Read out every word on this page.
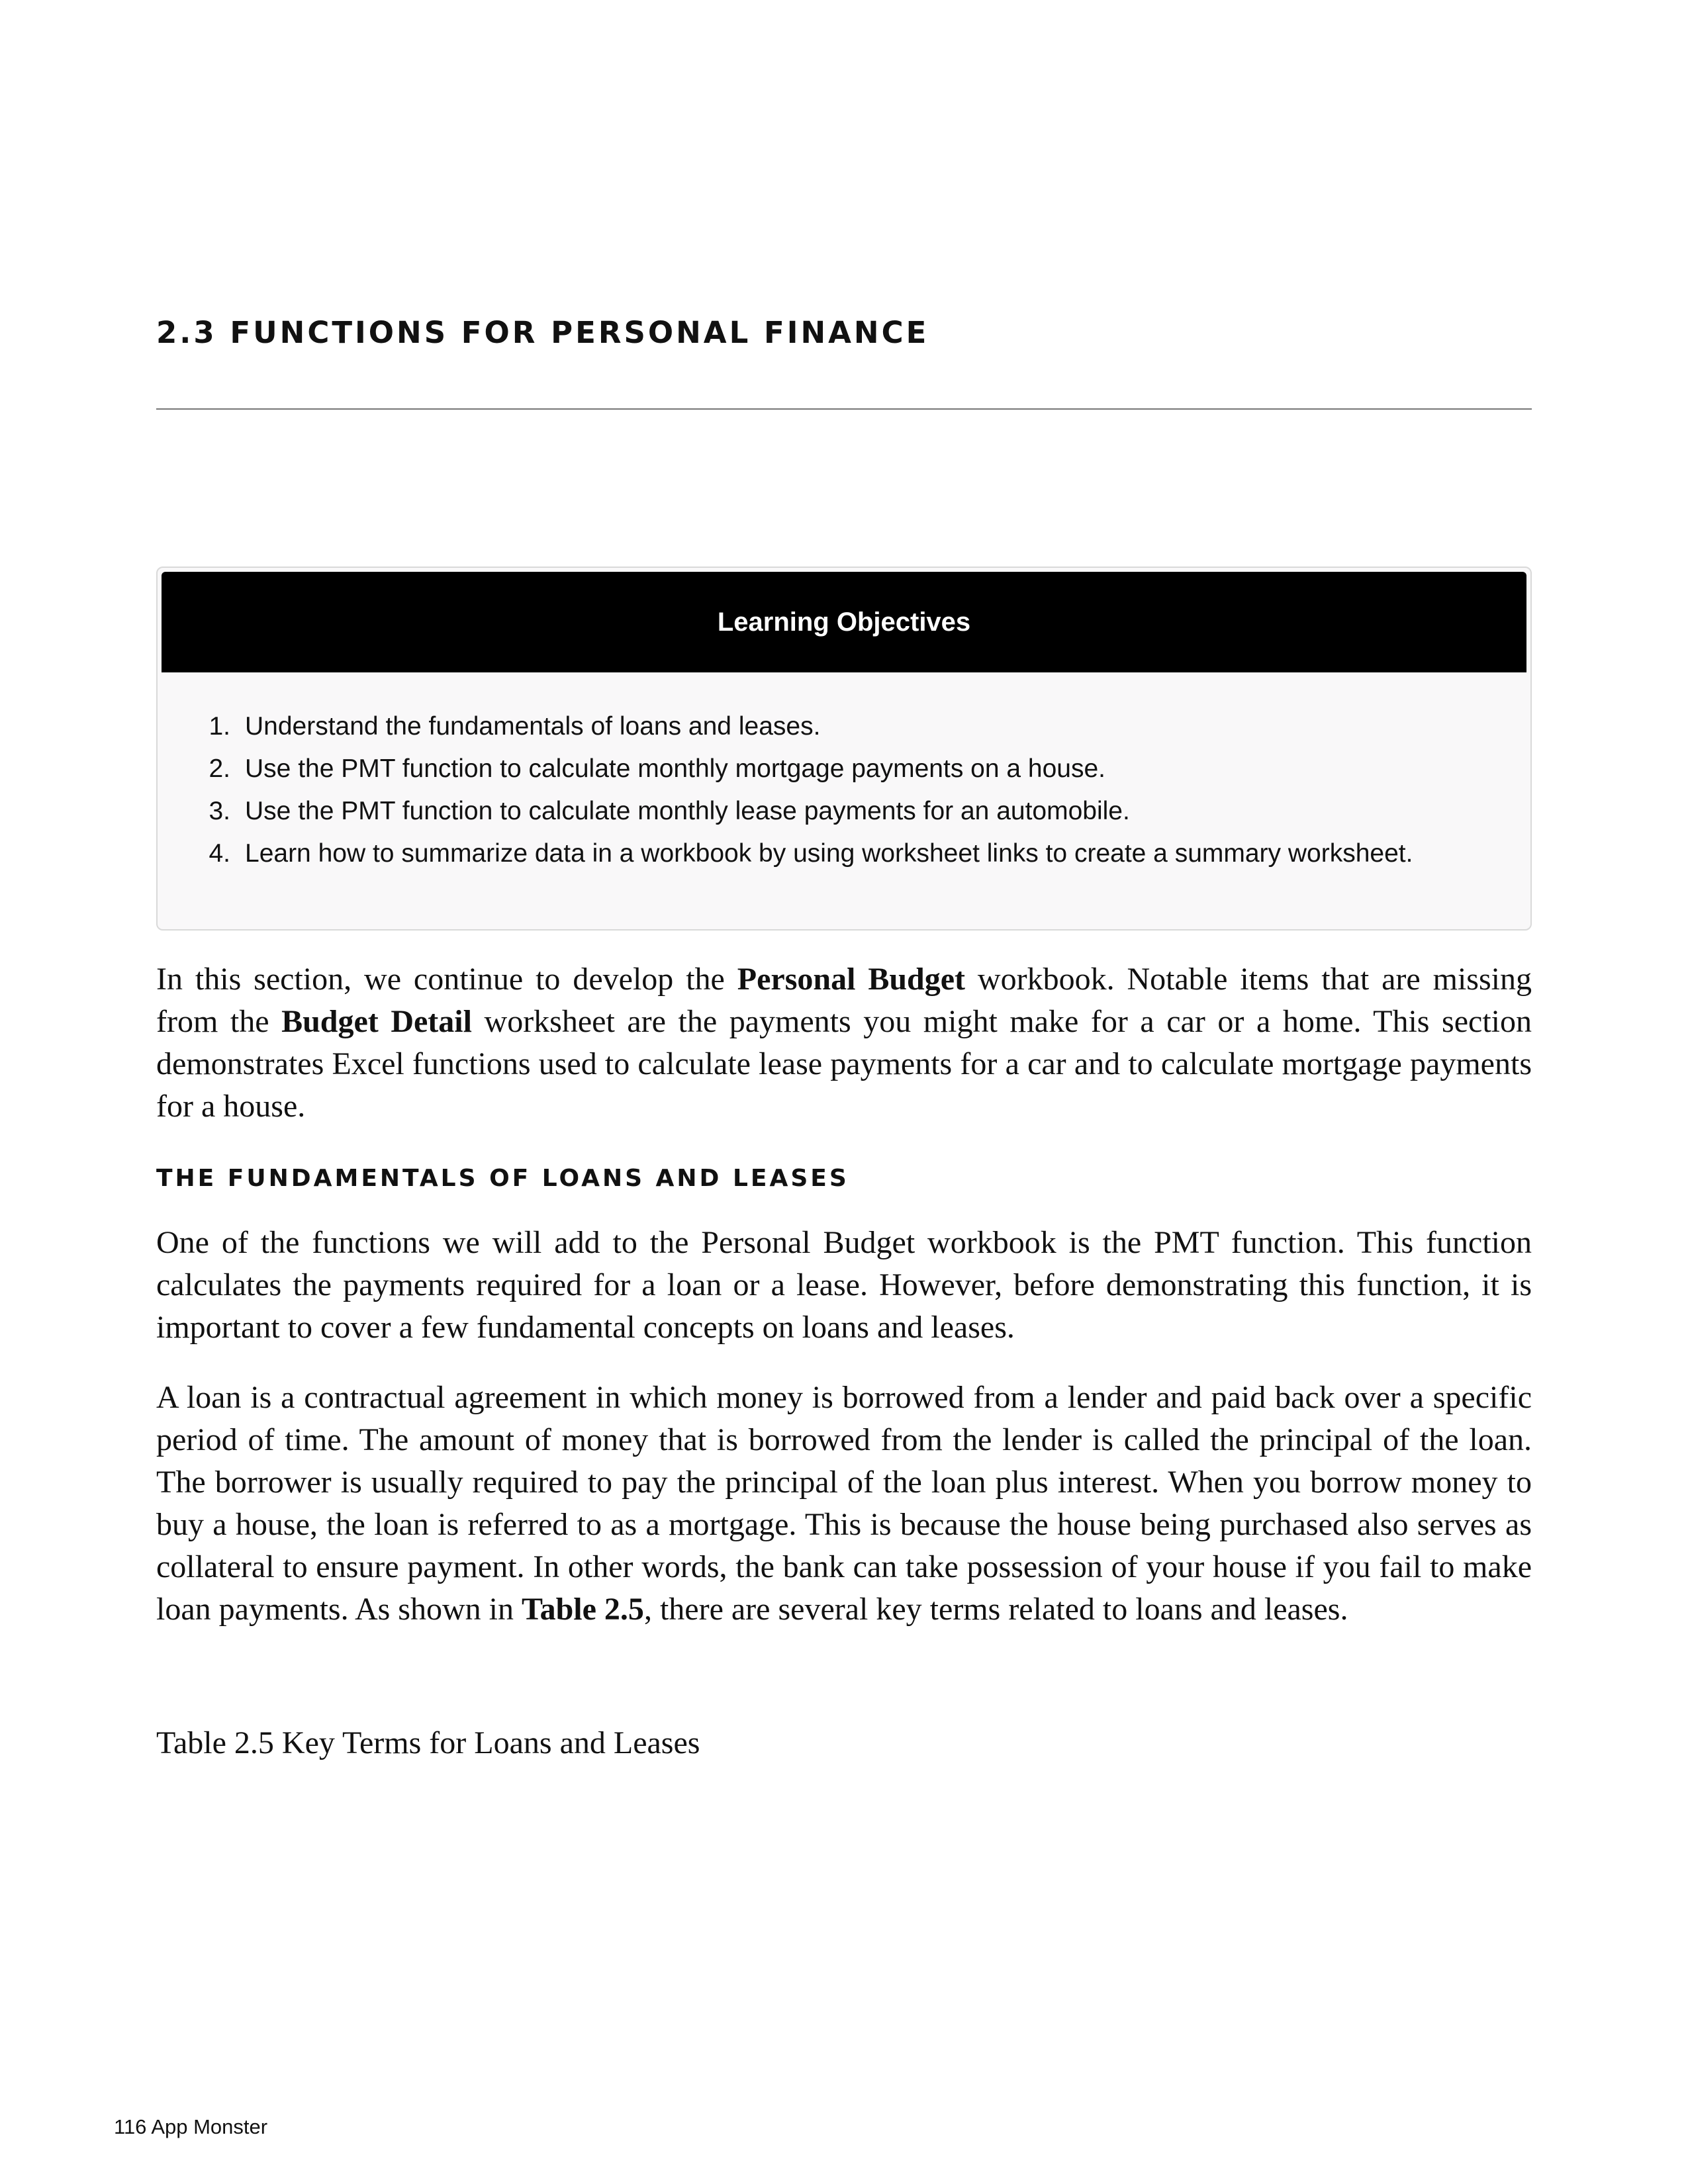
2.3 FUNCTIONS FOR PERSONAL FINANCE
Learning Objectives
1. Understand the fundamentals of loans and leases.
2. Use the PMT function to calculate monthly mortgage payments on a house.
3. Use the PMT function to calculate monthly lease payments for an automobile.
4. Learn how to summarize data in a workbook by using worksheet links to create a summary worksheet.

In this section, we continue to develop the Personal Budget workbook. Notable items that are missing from the Budget Detail worksheet are the payments you might make for a car or a home. This section demonstrates Excel functions used to calculate lease payments for a car and to calculate mortgage payments for a house.

THE FUNDAMENTALS OF LOANS AND LEASES

One of the functions we will add to the Personal Budget workbook is the PMT function. This function calculates the payments required for a loan or a lease. However, before demonstrating this function, it is important to cover a few fundamental concepts on loans and leases.

A loan is a contractual agreement in which money is borrowed from a lender and paid back over a specific period of time. The amount of money that is borrowed from the lender is called the principal of the loan. The borrower is usually required to pay the principal of the loan plus interest. When you borrow money to buy a house, the loan is referred to as a mortgage. This is because the house being purchased also serves as collateral to ensure payment. In other words, the bank can take possession of your house if you fail to make loan payments. As shown in Table 2.5, there are several key terms related to loans and leases.

Table 2.5 Key Terms for Loans and Leases

116 App Monster
